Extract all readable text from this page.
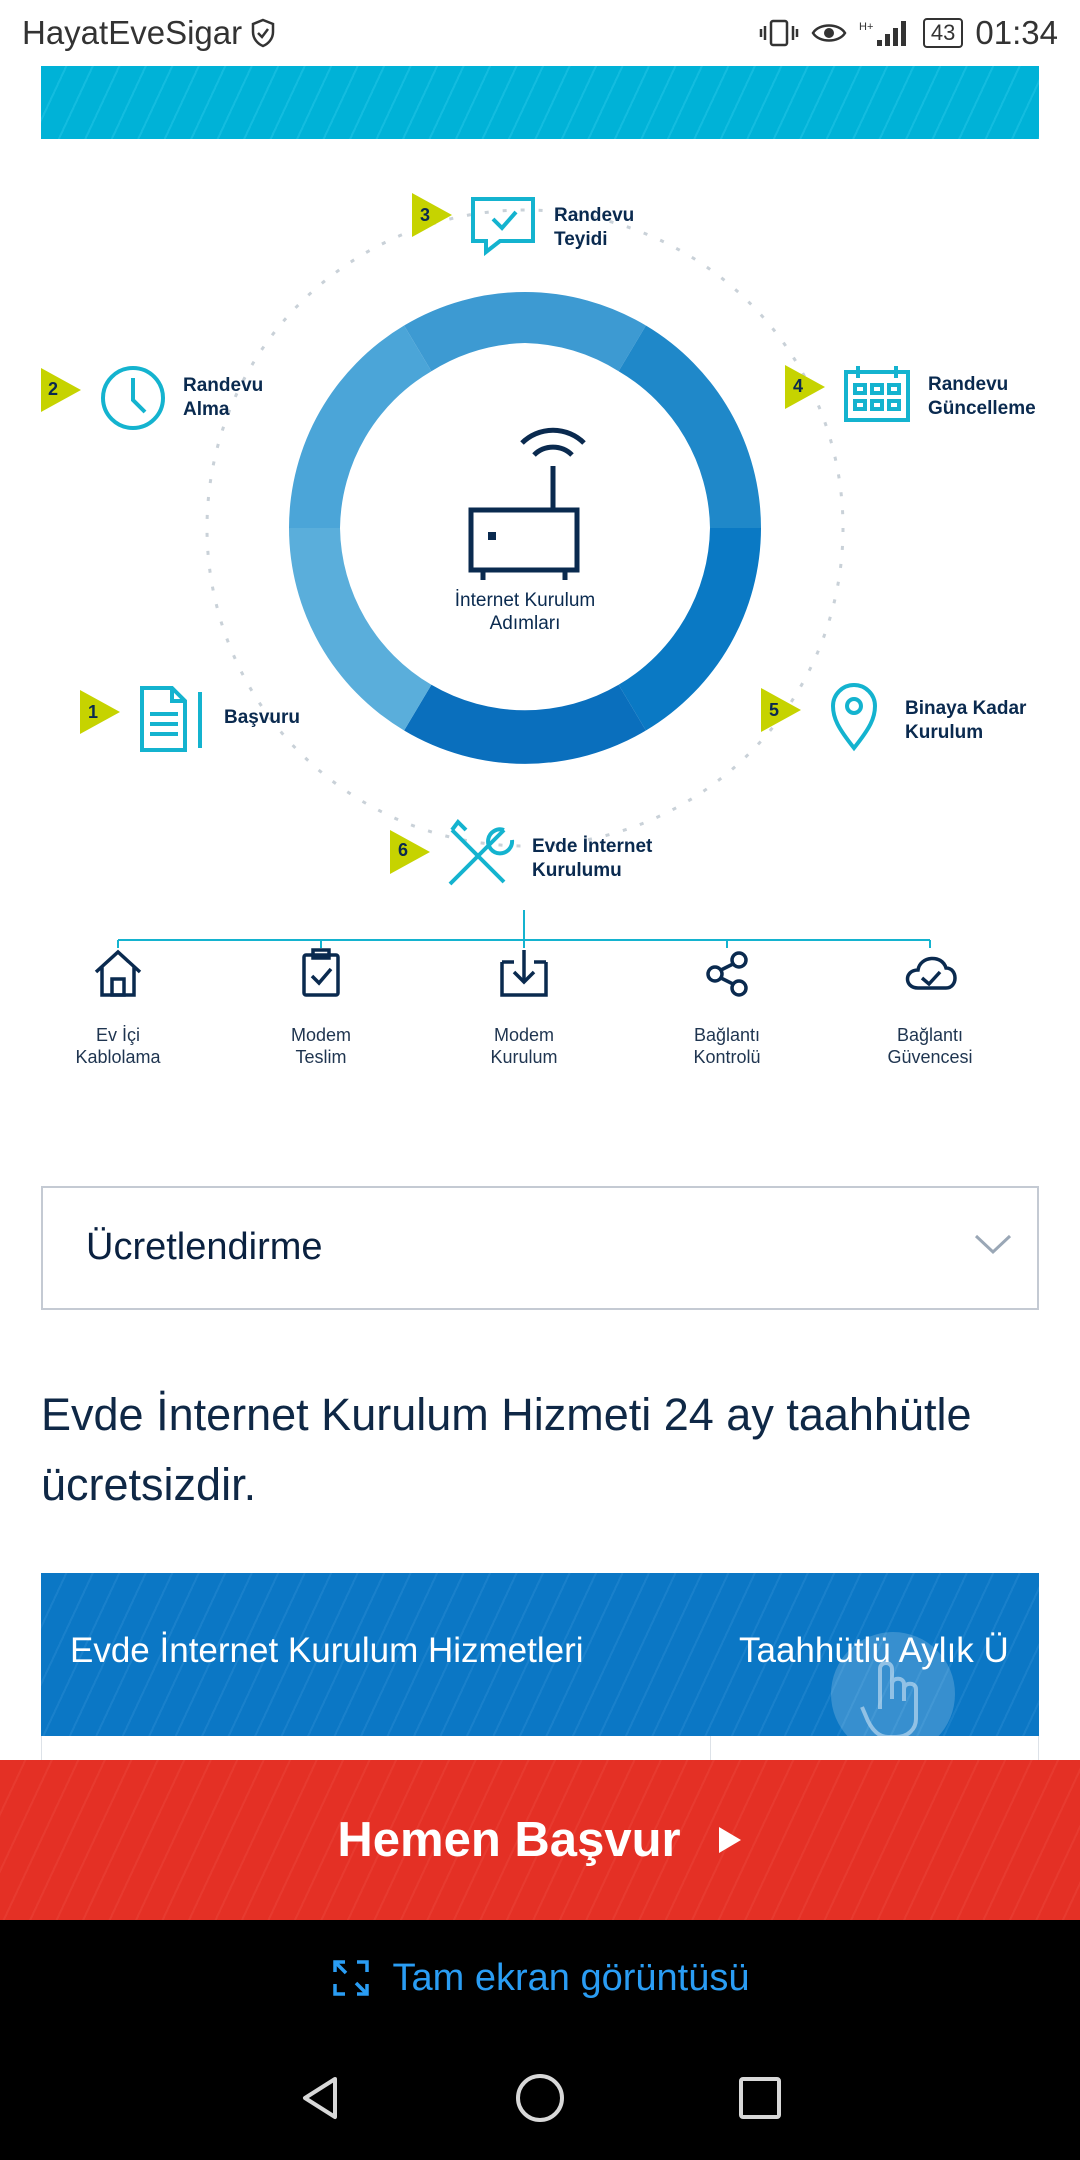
HayatEveSigar	H+	43 01:34
İnternet Kurulum
Adımları
1
2
3
4
5
6
Başvuru
Randevu
Alma
Randevu
Teyidi
Randevu
Güncelleme
Binaya Kadar
Kurulum
Evde İnternet
Kurulumu
Ev İçi
Kablolama
Modem
Teslim
Modem
Kurulum
Bağlantı
Kontrolü
Bağlantı
Güvencesi
Ücretlendirme
Evde İnternet Kurulum Hizmeti 24 ay taahhütle ücretsizdir.
Evde İnternet Kurulum Hizmetleri	Taahhütlü Aylık Ü
Hemen Başvur
Tam ekran görüntüsü
